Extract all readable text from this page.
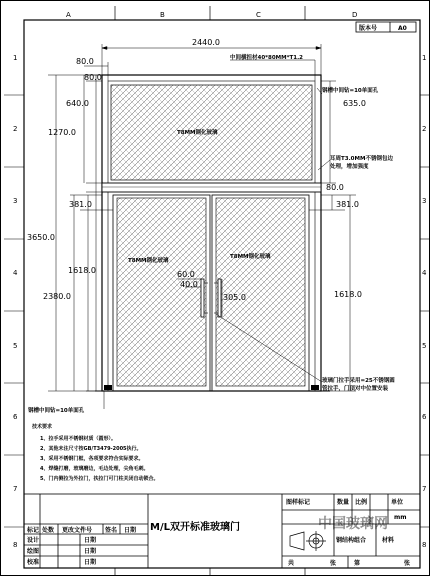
A	B	C	D
1
2
3
4
5
6
7
8
1
2
3
4
5
6
7
8
版本号	A0
T8MM钢化玻璃
T8MM钢化玻璃
T8MM钢化玻璃
2440.0
80.0
80.0
640.0	635.0
1270.0
80.0
381.0	381.0
3650.0
1618.0
2380.0	1618.0
60.0
40.0
305.0
中间横担材40*80MM*T1.2
钢槽中间钻=10单面孔
耳周T3.0MM不锈钢包边处理，增加强度
玻璃门拉手采用=25不锈钢圆管拉手，门顶对中位置安装
钢槽中间钻=10单面孔
技术要求
1、拉手采用不锈钢材质（圆形）。
2、其他未注尺寸按GB/T3479-2005执行。
3、采用不锈钢门框，各项要求符合实际要求。
4、焊缝打磨，玻璃磨边，毛边处理，尖角毛刺。
5、门内侧拉为外拉门，扶拉门可门柱关闭自动锁合。
M/L双开标准玻璃门
图样标记	数量 比例	单位
mm
钢结构组合	材料
标记 处数 更改文件号 签名 日期
设计
绘图
校准
日期
日期
日期	共	张	第	张
中国玻璃网
